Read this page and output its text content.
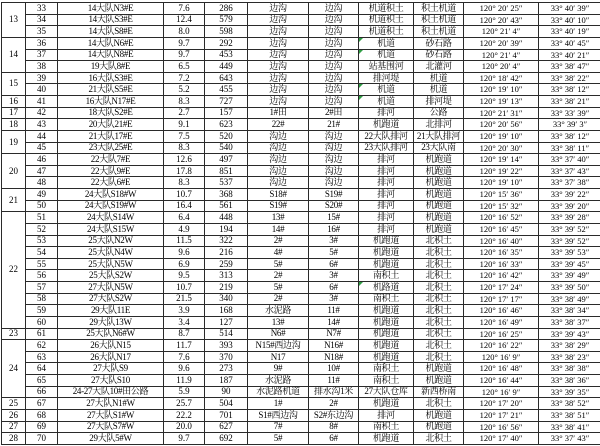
13	33	14大队N3#E	7.6	286	边沟	边沟	机道积土	积土机道	120° 20′ 25″	33° 40′ 39″
	34	14大队S3#E	12.4	579	边沟	边沟	机道积土	积土机道	120° 20′ 43″	33° 40′ 10″
	35	14大队S8#E	8.0	598	边沟	边沟	机道积土	积土机道	120° 21′ 4″	33° 40′ 19″
14	36	14大队N6#E	9.7	292	边沟	边沟	机道	砂石路	120° 20′ 39″	33° 40′ 45″
	37	14大队N8#E	9.7	453	边沟	边沟	机道	砂石路	120° 21′ 4″	33° 40′ 21″
	38	19大队8#E	6.5	449	边沟	边沟	站基围河	北灌河	120° 20′ 4″	33° 38′ 47″
15	39	16大队S3#E	7.2	643	边沟	边沟	排河堤	机道	120° 18′ 42″	33° 38′ 22″
	40	21大队S5#E	5.2	455	边沟	边沟	机道	机道	120° 19′ 10″	33° 38′ 12″
16	41	16大队N17#E	8.3	727	边沟	边沟	机道	排河堤	120° 19′ 13″	33° 38′ 21″
17	42	18大队S2#E	2.7	157	1#田	2#田	排河	公路	120° 21′ 31″	33° 33′ 39″
18	43	20大队21#E	9.1	623	22#	21#	机跑道	北排河	120° 20′ 56″	33° 39′ 3″
19	44	21大队17#E	7.5	520	沟边	沟边	22大队排河	21大队排河	120° 19′ 10″	33° 38′ 12″
	45	23大队25#E	8.3	540	沟边	沟边	23大队排河	23大队南	120° 20′ 30″	33° 38′ 11″
20	46	22大队7#E	12.6	497	沟边	沟边	排河	机跑道	120° 19′ 14″	33° 37′ 40″
	47	22大队9#E	17.8	851	沟边	沟边	排河	机跑道	120° 19′ 22″	33° 37′ 43″
	48	22大队6#E	8.3	537	沟边	沟边	排河	机跑道	120° 19′ 10″	33° 37′ 38″
21	49	24大队S18#W	10.7	368	S18#	S19#	排河	机跑道	120° 15′ 36″	33° 39′ 22″
	50	24大队S19#W	16.4	561	S19#	S20#	排河	机跑道	120° 15′ 32″	33° 39′ 20″
22	51	24大队S14W	6.4	448	13#	15#	排河	机跑道	120° 16′ 52″	33° 39′ 28″
	52	24大队S15W	4.9	194	14#	16#	排河	机跑道	120° 16′ 45″	33° 39′ 52″
	53	25大队N2W	11.5	322	2#	3#	机跑道	北积土	120° 16′ 40″	33° 39′ 52″
	54	25大队N4W	9.6	216	4#	5#	机跑道	北积土	120° 16′ 35″	33° 39′ 53″
	55	25大队N5W	6.9	259	5#	6#	机跑道	北积土	120° 16′ 33″	33° 39′ 45″
	56	25大队S2W	9.5	313	2#	3#	南积土	北积土	120° 16′ 42″	33° 39′ 49″
	57	27大队N5W	10.7	219	5#	6#	机路道	北积土	120° 17′ 24″	33° 39′ 50″
	58	27大队S2W	21.5	340	2#	3#	南积土	北积土	120° 17′ 17″	33° 38′ 49″
	59	29大队11E	3.9	168	水泥路	11#	机跑道	北积土	120° 16′ 46″	33° 38′ 34″
	60	29大队13W	3.4	127	13#	14#	机跑道	北积土	120° 16′ 49″	33° 38′ 37″
23	61	25大队N6#W	8.7	514	N6#	N7#	机跑道	北积土	120° 16′ 25″	33° 39′ 43″
24	62	26大队N15	11.7	393	N15#西边沟	N16#	机跑道	北积土	120° 16′ 22″	33° 38′ 29″
	63	26大队N17	7.6	370	N17	N18#	机跑道	北积土	120° 16′ 9″	33° 38′ 23″
	64	27大队S9	9.6	273	9#	10#	南积土	机跑道	120° 16′ 48″	33° 38′ 38″
	65	27大队S10	11.9	187	水泥路	11#	南积土	机跑道	120° 16′ 44″	33° 38′ 36″
	66	24-27大队10#田公路	5.9	90	水泥路机道	排水沟1米	27大队仓库	新西桥南	120° 16′ 9″	33° 39′ 35″
25	67	27大队N1#W	25.7	504	1#	2#	机跑道	北积土	120° 17′ 20″	33° 38′ 52″
26	68	27大队S1#W	22.2	701	S1#西边沟	S2#东边沟	排河	机跑道	120° 17′ 21″	33° 38′ 51″
27	69	27大队S7#W	20.0	627	7#	8#	南积土	机跑道	120° 16′ 56″	33° 38′ 41″
28	70	29大队5#W	9.7	692	5#	6#	机跑道	北积土	120° 17′ 40″	33° 37′ 43″
